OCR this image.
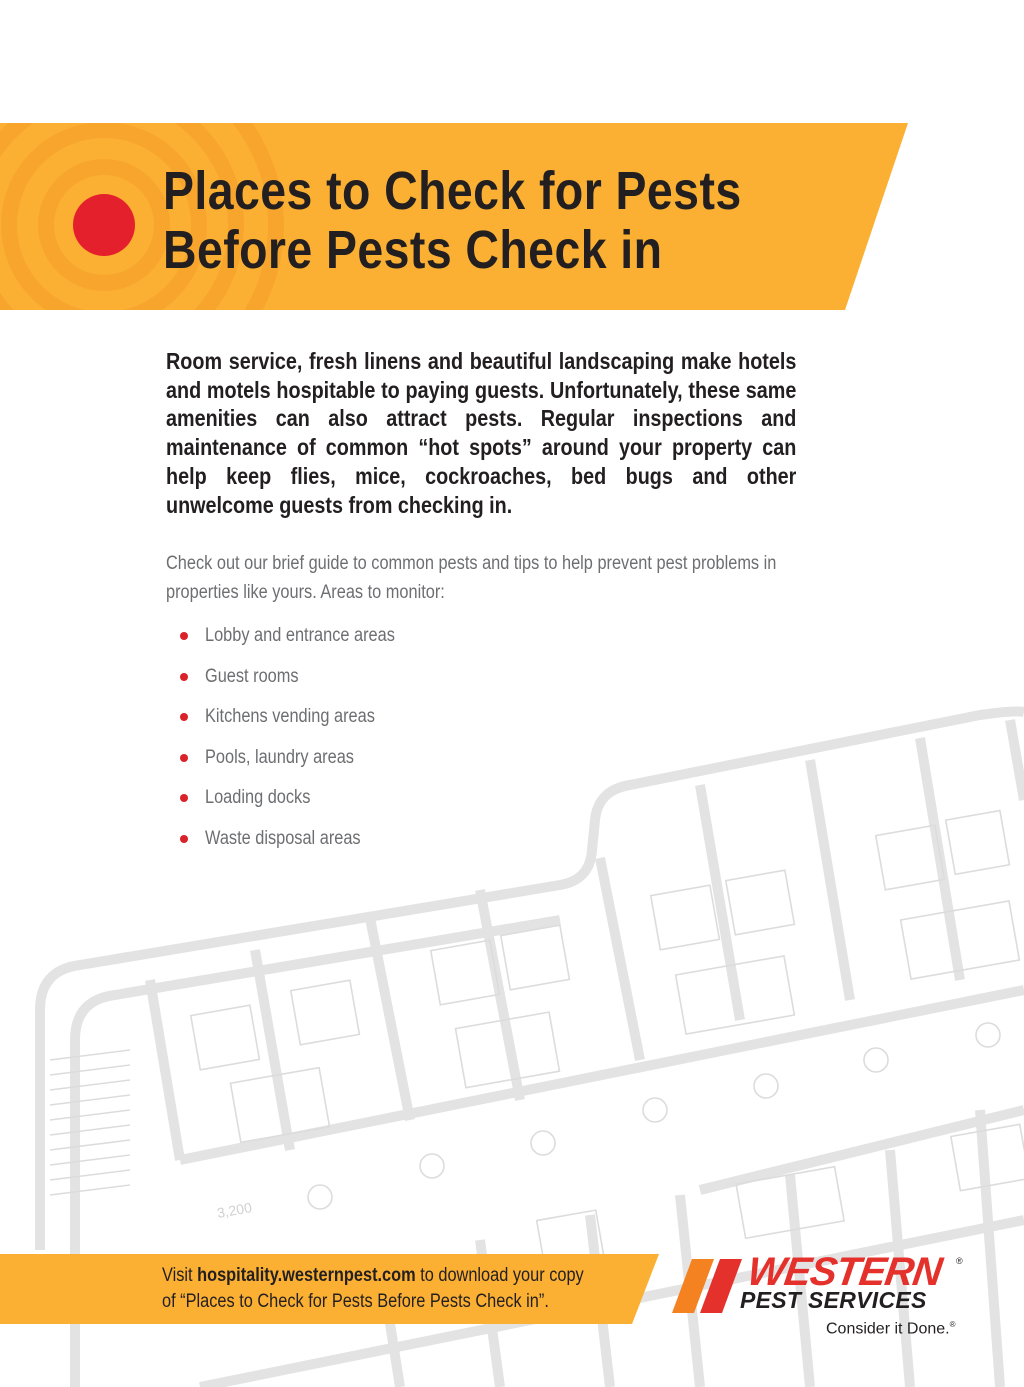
3,200
Places to Check for Pests
Before Pests Check in
Room service, fresh linens and beautiful landscaping make hotels and motels hospitable to paying guests. Unfortunately, these same amenities can also attract pests. Regular inspections and maintenance of common “hot spots” around your property can help keep flies, mice, cockroaches, bed bugs and other unwelcome guests from checking in.

Check out our brief guide to common pests and tips to help prevent pest problems in properties like yours. Areas to monitor:

Lobby and entrance areas
Guest rooms
Kitchens vending areas
Pools, laundry areas
Loading docks
Waste disposal areas

Visit hospitality.westernpest.com to download your copy
of “Places to Check for Pests Before Pests Check in”.

WESTERN ®
PEST SERVICES

Consider it Done.®
